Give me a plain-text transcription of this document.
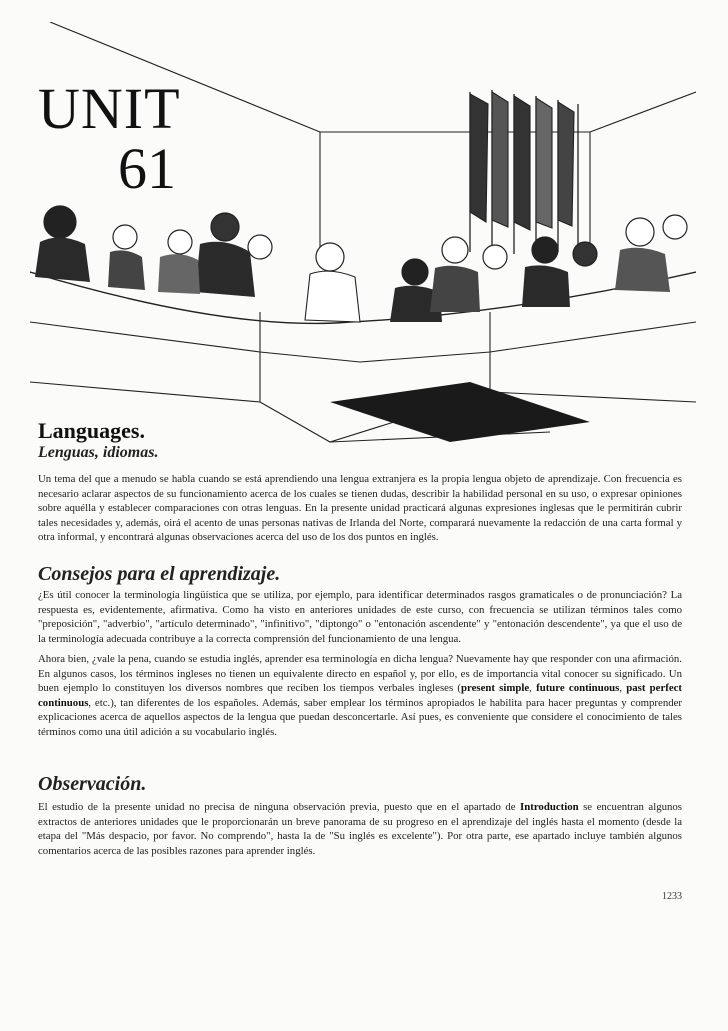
UNIT
61
Languages.
Lenguas, idiomas.

Un tema del que a menudo se habla cuando se está aprendiendo una lengua extranjera es la propia lengua objeto de aprendizaje. Con frecuencia es necesario aclarar aspectos de su funcionamiento acerca de los cuales se tienen dudas, describir la habilidad personal en su uso, o expresar opiniones sobre aquélla y establecer comparaciones con otras lenguas. En la presente unidad practicará algunas expresiones inglesas que le permitirán cubrir tales necesidades y, además, oirá el acento de unas personas nativas de Irlanda del Norte, comparará nuevamente la redacción de una carta formal y otra informal, y encontrará algunas observaciones acerca del uso de los dos puntos en inglés.

Consejos para el aprendizaje.

¿Es útil conocer la terminología lingüística que se utiliza, por ejemplo, para identificar determinados rasgos gramaticales o de pronunciación? La respuesta es, evidentemente, afirmativa. Como ha visto en anteriores unidades de este curso, con frecuencia se utilizan términos tales como "preposición", "adverbio", "artículo determinado", "infinitivo", "diptongo" o "entonación ascendente" y "entonación descendente", ya que el uso de la terminología adecuada contribuye a la correcta comprensión del funcionamiento de una lengua.

Ahora bien, ¿vale la pena, cuando se estudia inglés, aprender esa terminología en dicha lengua? Nuevamente hay que responder con una afirmación. En algunos casos, los términos ingleses no tienen un equivalente directo en español y, por ello, es de importancia vital conocer su significado. Un buen ejemplo lo constituyen los diversos nombres que reciben los tiempos verbales ingleses (present simple, future continuous, past perfect continuous, etc.), tan diferentes de los españoles. Además, saber emplear los términos apropiados le habilita para hacer preguntas y comprender explicaciones acerca de aquellos aspectos de la lengua que puedan desconcertarle. Así pues, es conveniente que considere el conocimiento de tales términos como una útil adición a su vocabulario inglés.

Observación.

El estudio de la presente unidad no precisa de ninguna observación previa, puesto que en el apartado de Introduction se encuentran algunos extractos de anteriores unidades que le proporcionarán un breve panorama de su progreso en el aprendizaje del inglés hasta el momento (desde la etapa del "Más despacio, por favor. No comprendo", hasta la de "Su inglés es excelente"). Por otra parte, ese apartado incluye también algunos comentarios acerca de las posibles razones para aprender inglés.

1233
